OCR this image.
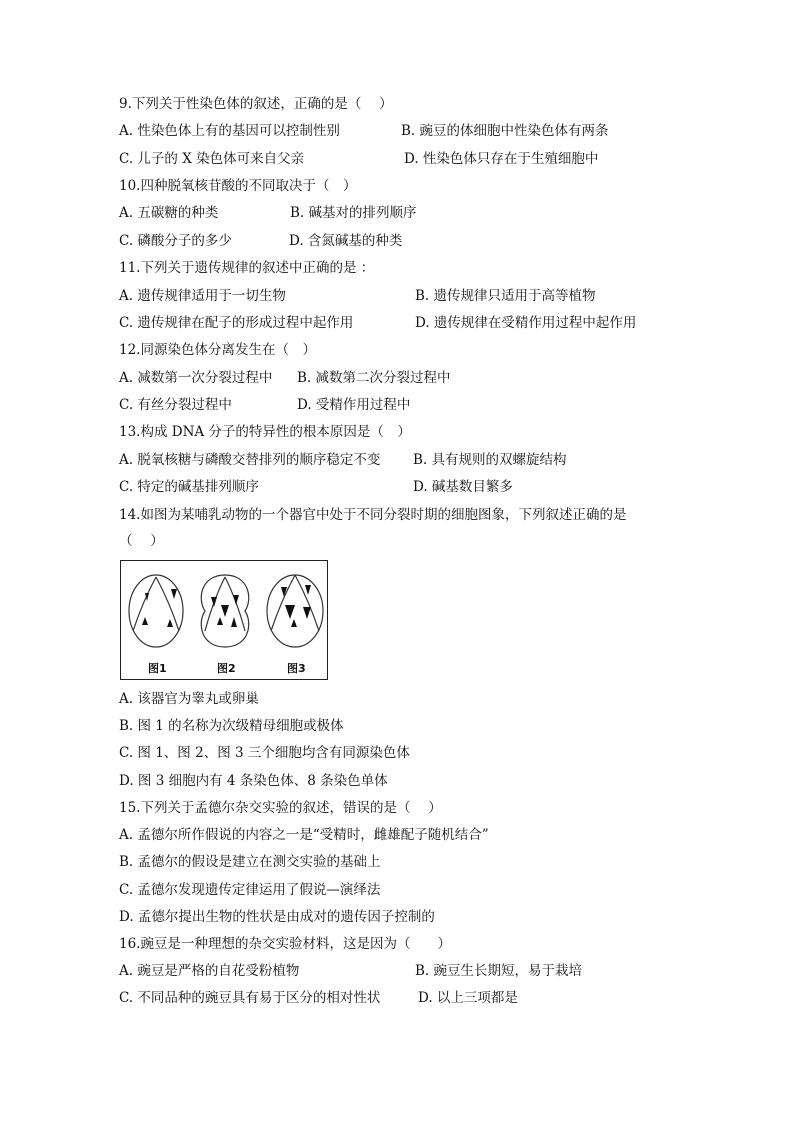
9.下列关于性染色体的叙述，正确的是（　 ）
A. 性染色体上有的基因可以控制性别	B. 豌豆的体细胞中性染色体有两条
C. 儿子的 X 染色体可来自父亲	D. 性染色体只存在于生殖细胞中
10.四种脱氧核苷酸的不同取决于（　）
A. 五碳糖的种类	B. 碱基对的排列顺序
C. 磷酸分子的多少	D. 含氮碱基的种类
11.下列关于遗传规律的叙述中正确的是 ：
A. 遗传规律适用于一切生物	B. 遗传规律只适用于高等植物
C. 遗传规律在配子的形成过程中起作用	D. 遗传规律在受精作用过程中起作用
12.同源染色体分离发生在（　）
A. 减数第一次分裂过程中 B. 减数第二次分裂过程中
C. 有丝分裂过程中	D. 受精作用过程中
13.构成 DNA 分子的特异性的根本原因是（　）
A. 脱氧核糖与磷酸交替排列的顺序稳定不变 B. 具有规则的双螺旋结构
C. 特定的碱基排列顺序	D. 碱基数目繁多
14.如图为某哺乳动物的一个器官中处于不同分裂时期的细胞图象，下列叙述正确的是
（　 ）
图1	图2	图3
A. 该器官为睾丸或卵巢
B. 图 1 的名称为次级精母细胞或极体
C. 图 1、图 2、图 3 三个细胞均含有同源染色体
D. 图 3 细胞内有 4 条染色体、8 条染色单体
15.下列关于孟德尔杂交实验的叙述，错误的是（　 ）
A. 孟德尔所作假说的内容之一是“受精时，雌雄配子随机结合”
B. 孟德尔的假设是建立在测交实验的基础上
C. 孟德尔发现遗传定律运用了假说—演绎法
D. 孟德尔提出生物的性状是由成对的遗传因子控制的
16.豌豆是一种理想的杂交实验材料，这是因为（　　）
A. 豌豆是严格的自花受粉植物	B. 豌豆生长期短，易于栽培
C. 不同品种的豌豆具有易于区分的相对性状	D. 以上三项都是
